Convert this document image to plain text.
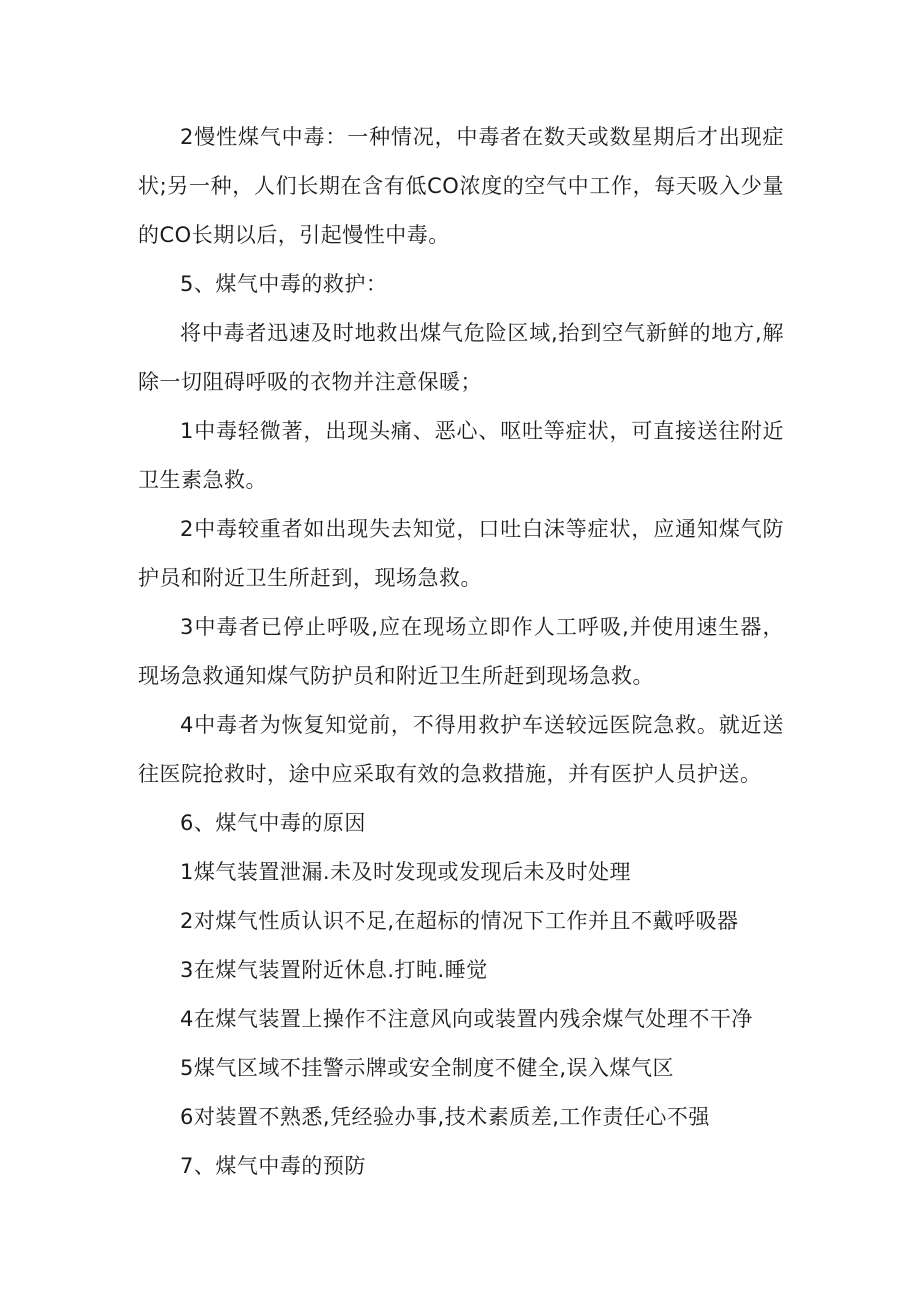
2慢性煤气中毒：一种情况，中毒者在数天或数星期后才出现症状;另一种，人们长期在含有低CO浓度的空气中工作，每天吸入少量的CO长期以后，引起慢性中毒。

5、煤气中毒的救护：

将中毒者迅速及时地救出煤气危险区域,抬到空气新鲜的地方,解除一切阻碍呼吸的衣物并注意保暖；

1中毒轻微著，出现头痛、恶心、呕吐等症状，可直接送往附近卫生素急救。

2中毒较重者如出现失去知觉，口吐白沫等症状，应通知煤气防护员和附近卫生所赶到，现场急救。

3中毒者已停止呼吸,应在现场立即作人工呼吸,并使用速生器，现场急救通知煤气防护员和附近卫生所赶到现场急救。

4中毒者为恢复知觉前，不得用救护车送较远医院急救。就近送往医院抢救时，途中应采取有效的急救措施，并有医护人员护送。

6、煤气中毒的原因

1煤气装置泄漏.未及时发现或发现后未及时处理

2对煤气性质认识不足,在超标的情况下工作并且不戴呼吸器

3在煤气装置附近休息.打盹.睡觉

4在煤气装置上操作不注意风向或装置内残余煤气处理不干净

5煤气区域不挂警示牌或安全制度不健全,误入煤气区

6对装置不熟悉,凭经验办事,技术素质差,工作责任心不强

7、煤气中毒的预防
